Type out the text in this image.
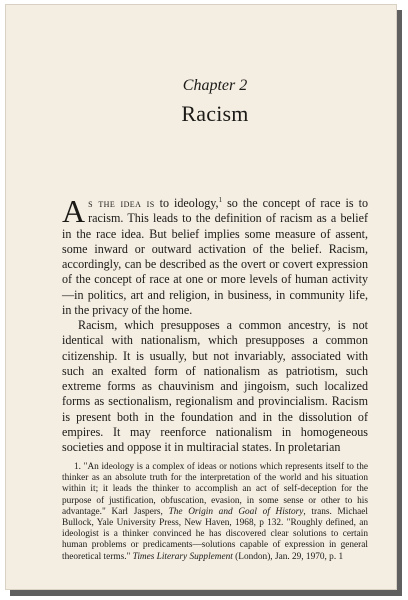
Chapter 2
Racism

As the idea is to ideology,$^1$ so the concept of race is to racism. This leads to the definition of racism as a belief in the race idea. But belief implies some measure of assent, some inward or outward activation of the belief. Racism, accordingly, can be described as the overt or covert expression of the concept of race at one or more levels of human activity—in politics, art and religion, in business, in community life, in the privacy of the home.

Racism, which presupposes a common ancestry, is not identical with nationalism, which presupposes a common citizenship. It is usually, but not invariably, associated with such an exalted form of nationalism as patriotism, such extreme forms as chauvinism and jingoism, such localized forms as sectionalism, regionalism and provincialism. Racism is present both in the foundation and in the dissolution of empires. It may reenforce nationalism in homogeneous societies and oppose it in multiracial states. In proletarian

1. "An ideology is a complex of ideas or notions which represents itself to the thinker as an absolute truth for the interpretation of the world and his situation within it; it leads the thinker to accomplish an act of self-deception for the purpose of justification, obfuscation, evasion, in some sense or other to his advantage." Karl Jaspers, The Origin and Goal of History, trans. Michael Bullock, Yale University Press, New Haven, 1968, p 132. "Roughly defined, an ideologist is a thinker convinced he has discovered clear solutions to certain human problems or predicaments—solutions capable of expression in general theoretical terms." Times Literary Supplement (London), Jan. 29, 1970, p. 1
